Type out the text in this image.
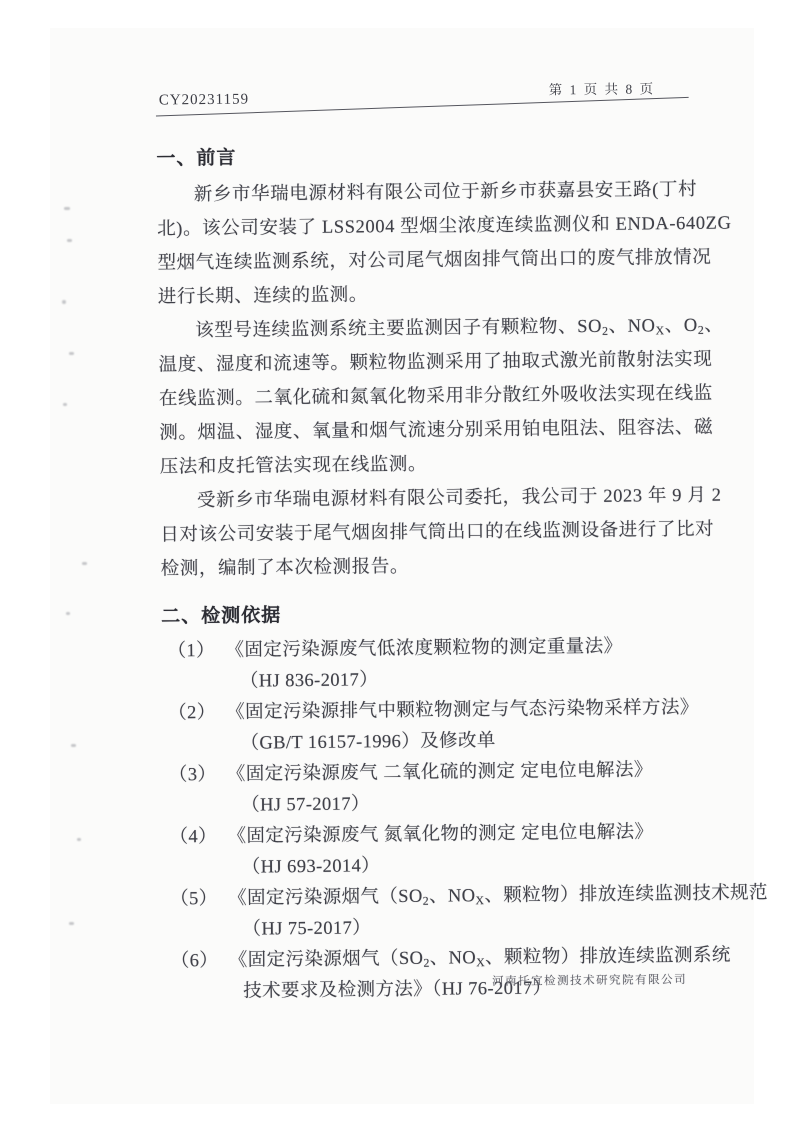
CY20231159
第 1 页 共 8 页
一、前言
新乡市华瑞电源材料有限公司位于新乡市获嘉县安王路(丁村
北)。该公司安装了 LSS2004 型烟尘浓度连续监测仪和 ENDA-640ZG
型烟气连续监测系统，对公司尾气烟囱排气筒出口的废气排放情况
进行长期、连续的监测。
该型号连续监测系统主要监测因子有颗粒物、$SO_2$、$NO_X$、$O_2$、
温度、湿度和流速等。颗粒物监测采用了抽取式激光前散射法实现
在线监测。二氧化硫和氮氧化物采用非分散红外吸收法实现在线监
测。烟温、湿度、氧量和烟气流速分别采用铂电阻法、阻容法、磁
压法和皮托管法实现在线监测。
受新乡市华瑞电源材料有限公司委托，我公司于 2023 年 9 月 2
日对该公司安装于尾气烟囱排气筒出口的在线监测设备进行了比对
检测，编制了本次检测报告。
二、检测依据
（1） 《固定污染源废气低浓度颗粒物的测定重量法》
（HJ 836-2017）
（2） 《固定污染源排气中颗粒物测定与气态污染物采样方法》
（GB/T 16157-1996）及修改单
（3） 《固定污染源废气 二氧化硫的测定 定电位电解法》
（HJ 57-2017）
（4） 《固定污染源废气 氮氧化物的测定 定电位电解法》
（HJ 693-2014）
（5） 《固定污染源烟气（$SO_2$、$NO_X$、颗粒物）排放连续监测技术规范
（HJ 75-2017）
（6） 《固定污染源烟气（$SO_2$、$NO_X$、颗粒物）排放连续监测系统
技术要求及检测方法》（HJ 76-2017）
河南托宜检测技术研究院有限公司
